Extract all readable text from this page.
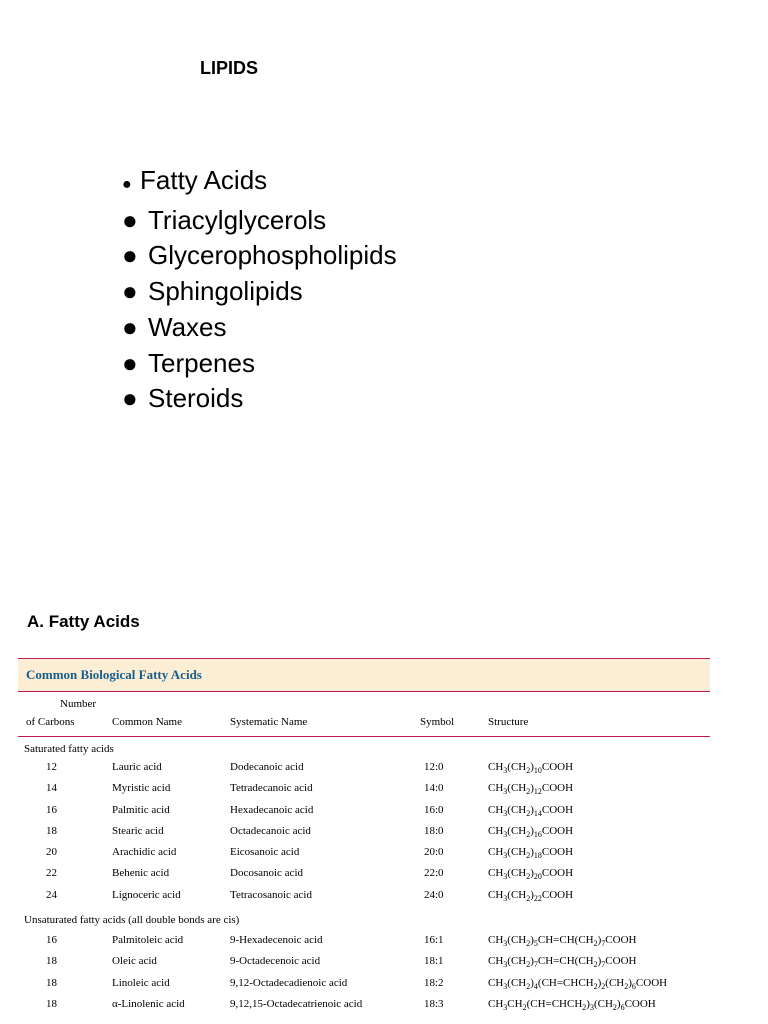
LIPIDS
● Fatty Acids
● Triacylglycerols
● Glycerophospholipids
● Sphingolipids
● Waxes
● Terpenes
● Steroids
A. Fatty Acids
Common Biological Fatty Acids
Number
of Carbons	Common Name	Systematic Name	Symbol	Structure
Saturated fatty acids
12	Lauric acid	Dodecanoic acid	12:0	$CH_3(CH_2)_{10}COOH$
14	Myristic acid	Tetradecanoic acid	14:0	$CH_3(CH_2)_{12}COOH$
16	Palmitic acid	Hexadecanoic acid	16:0	$CH_3(CH_2)_{14}COOH$
18	Stearic acid	Octadecanoic acid	18:0	$CH_3(CH_2)_{16}COOH$
20	Arachidic acid	Eicosanoic acid	20:0	$CH_3(CH_2)_{18}COOH$
22	Behenic acid	Docosanoic acid	22:0	$CH_3(CH_2)_{20}COOH$
24	Lignoceric acid	Tetracosanoic acid	24:0	$CH_3(CH_2)_{22}COOH$
Unsaturated fatty acids (all double bonds are cis)
16	Palmitoleic acid	9-Hexadecenoic acid	16:1	$CH_3(CH_2)_5CH=CH(CH_2)_7COOH$
18	Oleic acid	9-Octadecenoic acid	18:1	$CH_3(CH_2)_7CH=CH(CH_2)_7COOH$
18	Linoleic acid	9,12-Octadecadienoic acid	18:2	$CH_3(CH_2)_4(CH=CHCH_2)_2(CH_2)_6COOH$
18	α-Linolenic acid	9,12,15-Octadecatrienoic acid	18:3	$CH_3CH_2(CH=CHCH_2)_3(CH_2)_6COOH$
